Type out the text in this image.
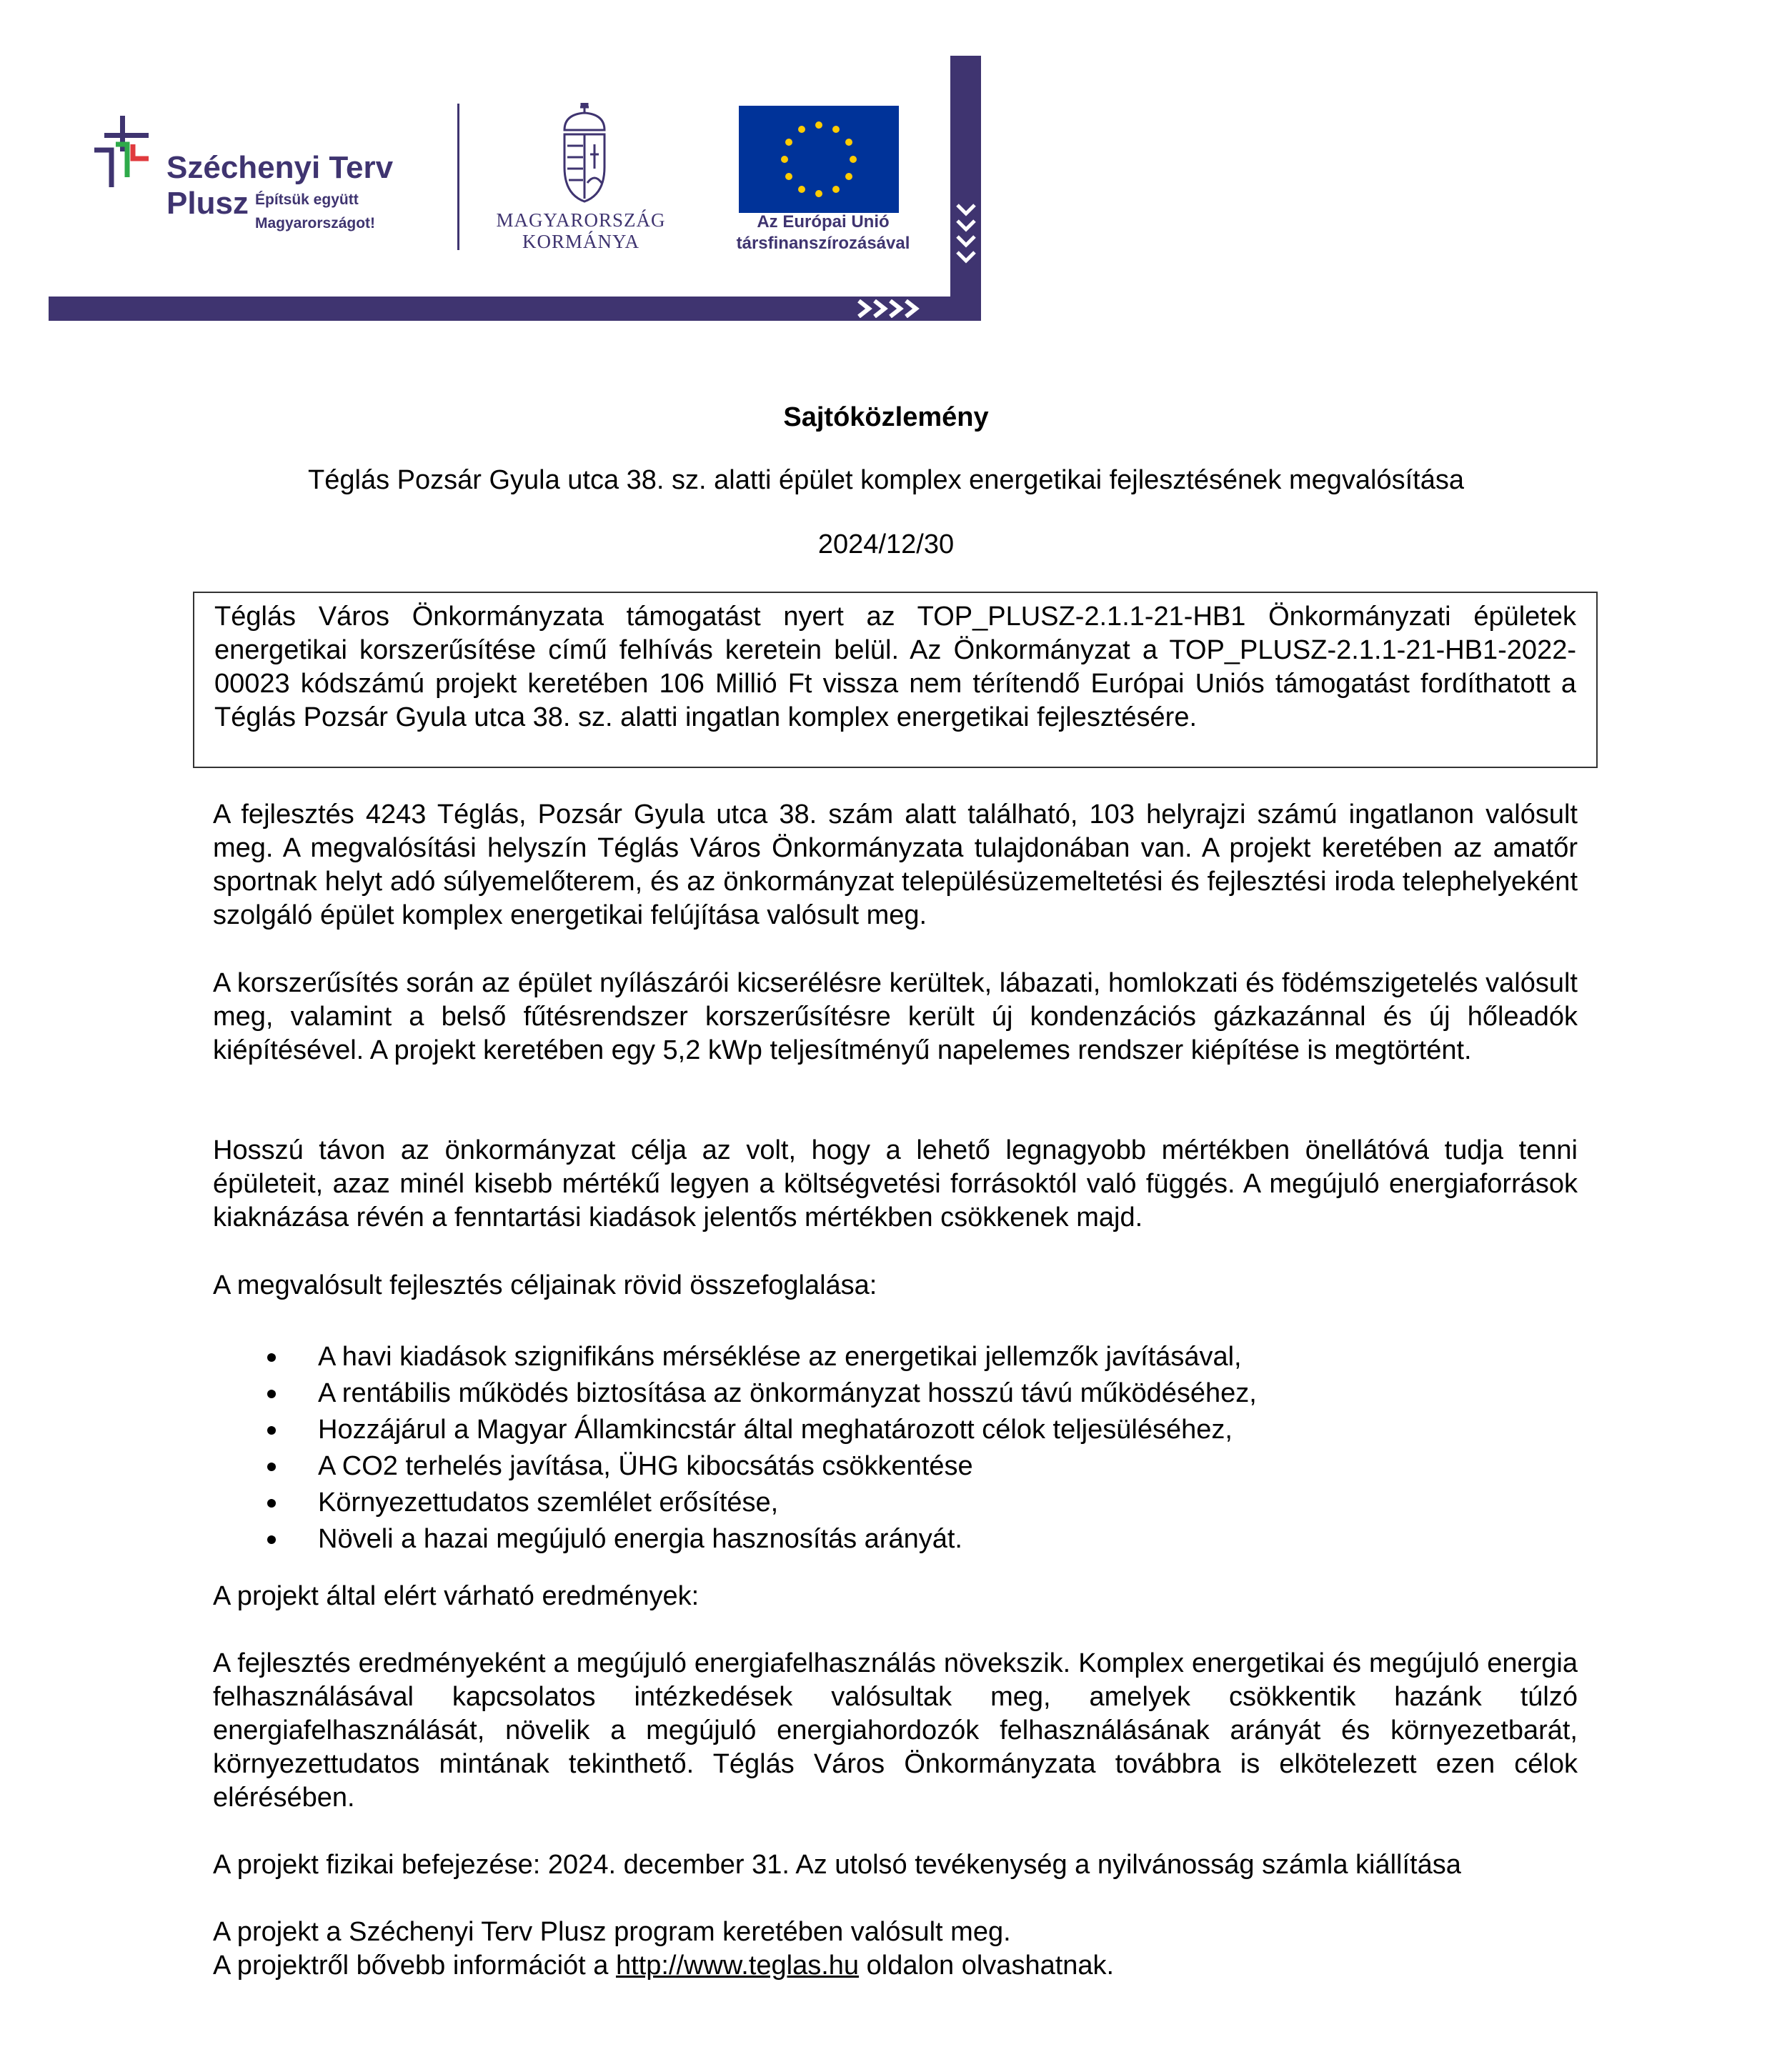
Széchenyi Terv
Plusz Építsük együtt
Magyarországot!	MAGYARORSZÁG
KORMÁNYA
Az Európai Unió
társfinanszírozásával
Sajtóközlemény
Téglás Pozsár Gyula utca 38. sz. alatti épület komplex energetikai fejlesztésének megvalósítása
2024/12/30
Téglás Város Önkormányzata támogatást nyert az TOP_PLUSZ-2.1.1-21-HB1 Önkormányzati épületek energetikai korszerűsítése című felhívás keretein belül. Az Önkormányzat a TOP_PLUSZ-2.1.1-21-HB1-2022-00023 kódszámú projekt keretében 106 Millió Ft vissza nem térítendő Európai Uniós támogatást fordíthatott a Téglás Pozsár Gyula utca 38. sz. alatti ingatlan komplex energetikai fejlesztésére.
A fejlesztés 4243 Téglás, Pozsár Gyula utca 38. szám alatt található, 103 helyrajzi számú ingatlanon valósult meg. A megvalósítási helyszín Téglás Város Önkormányzata tulajdonában van. A projekt keretében az amatőr sportnak helyt adó súlyemelőterem, és az önkormányzat településüzemeltetési és fejlesztési iroda telephelyeként szolgáló épület komplex energetikai felújítása valósult meg.
A korszerűsítés során az épület nyílászárói kicserélésre kerültek, lábazati, homlokzati és födémszigetelés valósult meg, valamint a belső fűtésrendszer korszerűsítésre került új kondenzációs gázkazánnal és új hőleadók kiépítésével. A projekt keretében egy 5,2 kWp teljesítményű napelemes rendszer kiépítése is megtörtént.
Hosszú távon az önkormányzat célja az volt, hogy a lehető legnagyobb mértékben önellátóvá tudja tenni épületeit, azaz minél kisebb mértékű legyen a költségvetési forrásoktól való függés. A megújuló energiaforrások kiaknázása révén a fenntartási kiadások jelentős mértékben csökkenek majd.
A megvalósult fejlesztés céljainak rövid összefoglalása:
A havi kiadások szignifikáns mérséklése az energetikai jellemzők javításával,
A rentábilis működés biztosítása az önkormányzat hosszú távú működéséhez,
Hozzájárul a Magyar Államkincstár által meghatározott célok teljesüléséhez,
A CO2 terhelés javítása, ÜHG kibocsátás csökkentése
Környezettudatos szemlélet erősítése,
Növeli a hazai megújuló energia hasznosítás arányát.
A projekt által elért várható eredmények:
A fejlesztés eredményeként a megújuló energiafelhasználás növekszik. Komplex energetikai és megújuló energia felhasználásával kapcsolatos intézkedések valósultak meg, amelyek csökkentik hazánk túlzó energiafelhasználását, növelik a megújuló energiahordozók felhasználásának arányát és környezetbarát, környezettudatos mintának tekinthető. Téglás Város Önkormányzata továbbra is elkötelezett ezen célok elérésében.
A projekt fizikai befejezése: 2024. december 31. Az utolsó tevékenység a nyilvánosság számla kiállítása
A projekt a Széchenyi Terv Plusz program keretében valósult meg.
A projektről bővebb információt a http://www.teglas.hu oldalon olvashatnak.
